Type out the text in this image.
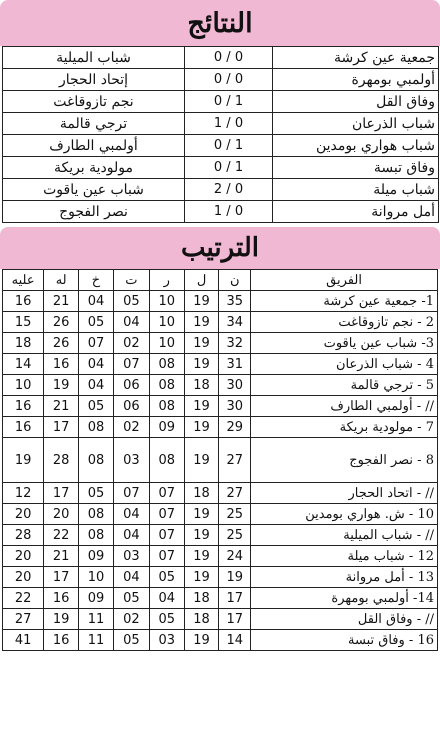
النتائج
جمعية عين كرشة	0 / 0	شباب الميلية
أولمبي بومهرة	0 / 0	إتحاد الحجار
وفاق القل	1 / 0	نجم تازوقاغت
شباب الذرعان	0 / 1	ترجي قالمة
شباب هواري بومدين	1 / 0	أولمبي الطارف
وفاق تبسة	1 / 0	مولودية بريكة
شباب ميلة	0 / 2	شباب عين ياقوت
أمل مروانة	0 / 1	نصر الفجوج
الترتيب
الفريق	ن	ل	ر	ت	خ	له	عليه
1- جمعية عين كرشة	35	19	10	05	04	21	16
2 - نجم تازوقاغت	34	19	10	04	05	26	15
3- شباب عين ياقوت	32	19	10	02	07	26	18
4 - شباب الذرعان	31	19	08	07	04	16	14
5 - ترجي قالمة	30	18	08	06	04	19	10
// - أولمبي الطارف	30	19	08	06	05	21	16
7 - مولودية بريكة	29	19	09	02	08	17	16
8 - نصر الفجوج	27	19	08	03	08	28	19
// - اتحاد الحجار	27	18	07	07	05	17	12
10 - ش. هواري بومدين	25	19	07	04	08	20	20
// - شباب الميلية	25	19	07	04	08	22	28
12 - شباب ميلة	24	19	07	03	09	21	20
13 - أمل مروانة	19	19	05	04	10	17	20
14- أولمبي بومهرة	17	18	04	05	09	16	22
// - وفاق القل	17	18	05	02	11	19	27
16 - وفاق تبسة	14	19	03	05	11	16	41
